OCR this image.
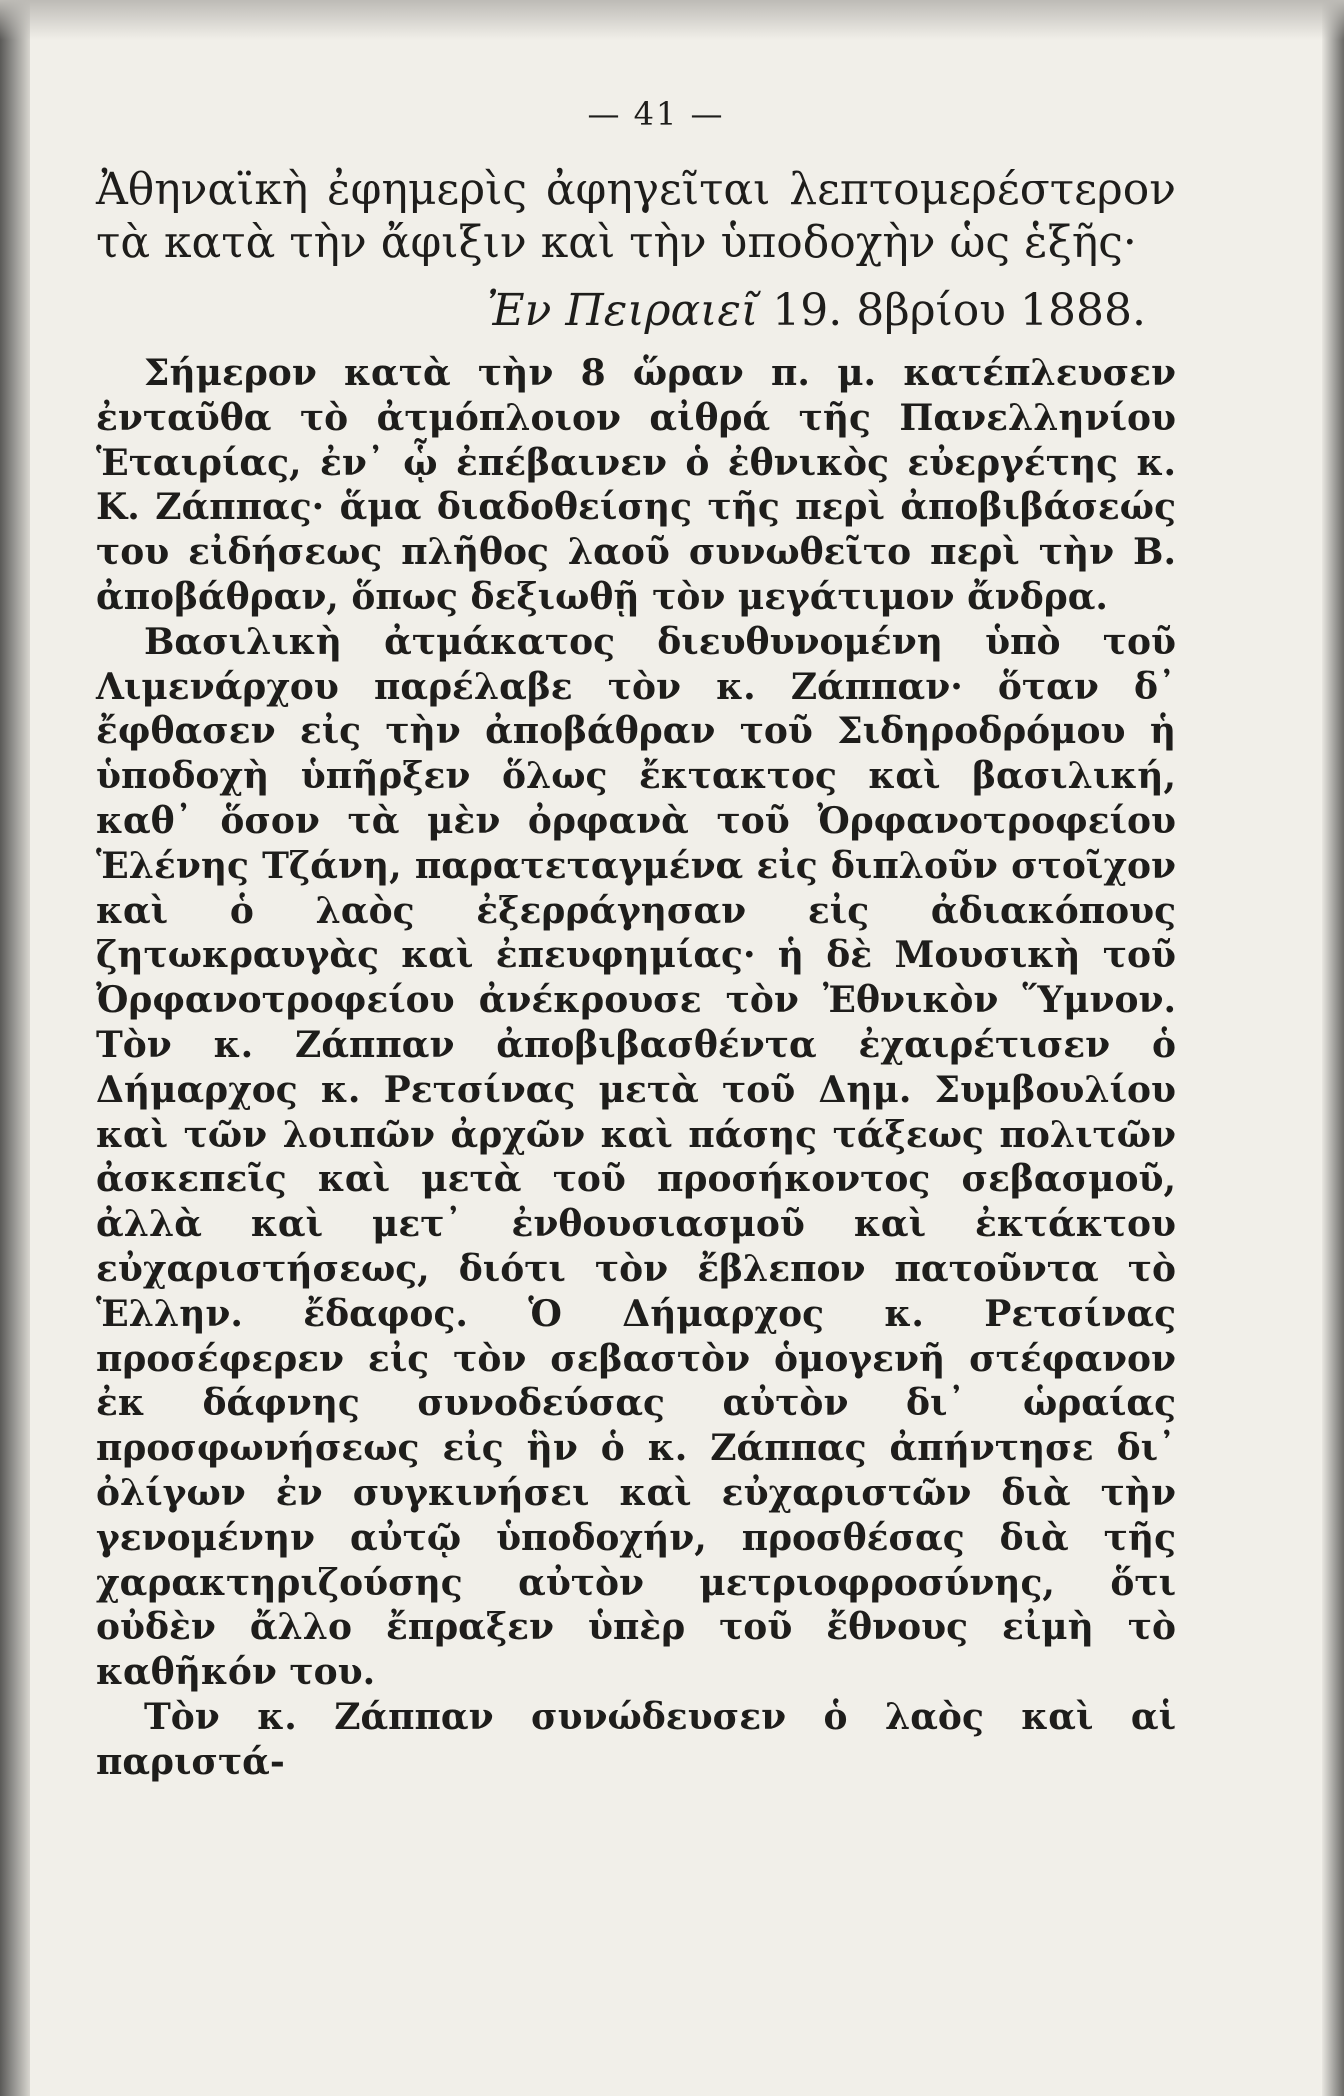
— 41 —

Ἀθηναϊκὴ ἐφημερὶς ἀφηγεῖται λεπτομερέστερον τὰ κατὰ τὴν ἄφιξιν καὶ τὴν ὑποδοχὴν ὡς ἑξῆς·

Ἐν Πειραιεῖ 19. 8βρίου 1888.

Σήμερον κατὰ τὴν 8 ὥραν π. μ. κατέπλευσεν ἐνταῦθα τὸ ἀτμόπλοιον αἰθρά τῆς Πανελληνίου Ἑταιρίας, ἐν᾿ ᾧ ἐπέβαινεν ὁ ἐθνικὸς εὐεργέτης κ. Κ. Ζάππας· ἅμα διαδοθείσης τῆς περὶ ἀποβιβάσεώς του εἰδήσεως πλῆθος λαοῦ συνωθεῖτο περὶ τὴν Β. ἀποβάθραν, ὅπως δεξιωθῇ τὸν μεγάτιμον ἄνδρα.

Βασιλικὴ ἀτμάκατος διευθυνομένη ὑπὸ τοῦ Λιμενάρχου παρέλαβε τὸν κ. Ζάππαν· ὅταν δ᾿ ἔφθασεν εἰς τὴν ἀποβάθραν τοῦ Σιδηροδρόμου ἡ ὑποδοχὴ ὑπῆρξεν ὅλως ἔκτακτος καὶ βασιλική, καθ᾿ ὅσον τὰ μὲν ὀρφανὰ τοῦ Ὀρφανοτροφείου Ἑλένης Τζάνη, παρατεταγμένα εἰς διπλοῦν στοῖχον καὶ ὁ λαὸς ἐξερράγησαν εἰς ἀδιακόπους ζητωκραυγὰς καὶ ἐπευφημίας· ἡ δὲ Μουσικὴ τοῦ Ὀρφανοτροφείου ἀνέκρουσε τὸν Ἐθνικὸν Ὕμνον. Τὸν κ. Ζάππαν ἀποβιβασθέντα ἐχαιρέτισεν ὁ Δήμαρχος κ. Ρετσίνας μετὰ τοῦ Δημ. Συμβουλίου καὶ τῶν λοιπῶν ἀρχῶν καὶ πάσης τάξεως πολιτῶν ἀσκεπεῖς καὶ μετὰ τοῦ προσήκοντος σεβασμοῦ, ἀλλὰ καὶ μετ᾿ ἐνθουσιασμοῦ καὶ ἐκτάκτου εὐχαριστήσεως, διότι τὸν ἔβλεπον πατοῦντα τὸ Ἑλλην. ἔδαφος. Ὁ Δήμαρχος κ. Ρετσίνας προσέφερεν εἰς τὸν σεβαστὸν ὁμογενῆ στέφανον ἐκ δάφνης συνοδεύσας αὐτὸν δι᾿ ὡραίας προσφωνήσεως εἰς ἣν ὁ κ. Ζάππας ἀπήντησε δι᾿ ὀλίγων ἐν συγκινήσει καὶ εὐχαριστῶν διὰ τὴν γενομένην αὐτῷ ὑποδοχήν, προσθέσας διὰ τῆς χαρακτηριζούσης αὐτὸν μετριοφροσύνης, ὅτι οὐδὲν ἄλλο ἔπραξεν ὑπὲρ τοῦ ἔθνους εἰμὴ τὸ καθῆκόν του.

Τὸν κ. Ζάππαν συνώδευσεν ὁ λαὸς καὶ αἱ παριστά-
